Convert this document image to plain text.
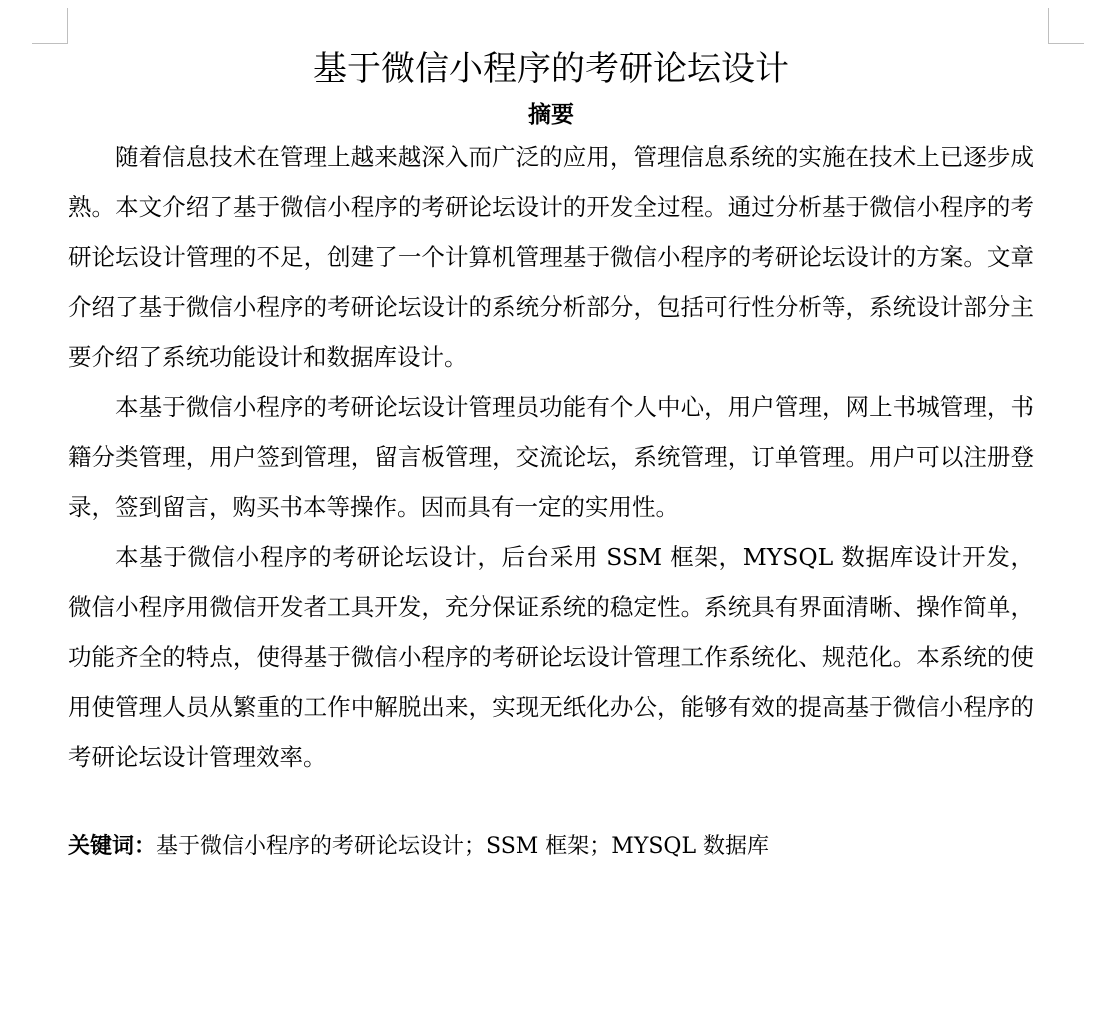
基于微信小程序的考研论坛设计
摘要

随着信息技术在管理上越来越深入而广泛的应用，管理信息系统的实施在技术上已逐步成熟。本文介绍了基于微信小程序的考研论坛设计的开发全过程。通过分析基于微信小程序的考研论坛设计管理的不足，创建了一个计算机管理基于微信小程序的考研论坛设计的方案。文章介绍了基于微信小程序的考研论坛设计的系统分析部分，包括可行性分析等，系统设计部分主要介绍了系统功能设计和数据库设计。

本基于微信小程序的考研论坛设计管理员功能有个人中心，用户管理，网上书城管理，书籍分类管理，用户签到管理，留言板管理，交流论坛，系统管理，订单管理。用户可以注册登录，签到留言，购买书本等操作。因而具有一定的实用性。

本基于微信小程序的考研论坛设计，后台采用 SSM 框架，MYSQL 数据库设计开发，微信小程序用微信开发者工具开发，充分保证系统的稳定性。系统具有界面清晰、操作简单，功能齐全的特点，使得基于微信小程序的考研论坛设计管理工作系统化、规范化。本系统的使用使管理人员从繁重的工作中解脱出来，实现无纸化办公，能够有效的提高基于微信小程序的考研论坛设计管理效率。

关键词：基于微信小程序的考研论坛设计；SSM 框架；MYSQL 数据库
